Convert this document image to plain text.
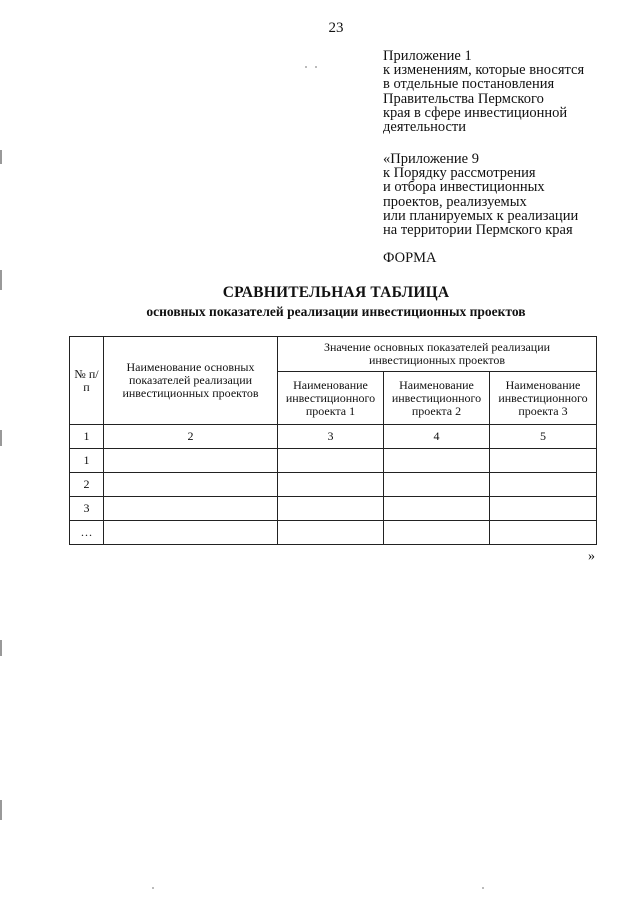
23
Приложение 1
к изменениям, которые вносятся
в отдельные постановления
Правительства Пермского
края в сфере инвестиционной
деятельности
«Приложение 9
к Порядку рассмотрения
и отбора инвестиционных
проектов, реализуемых
или планируемых к реализации
на территории Пермского края
ФОРМА
СРАВНИТЕЛЬНАЯ ТАБЛИЦА
основных показателей реализации инвестиционных проектов
№ п/п	Наименование основных показателей реализации инвестиционных проектов	Значение основных показателей реализации инвестиционных проектов		
		Наименование инвестиционного проекта 1	Наименование инвестиционного проекта 2	Наименование инвестиционного проекта 3
1	2	3	4	5
1				
2				
3				
…				
»
